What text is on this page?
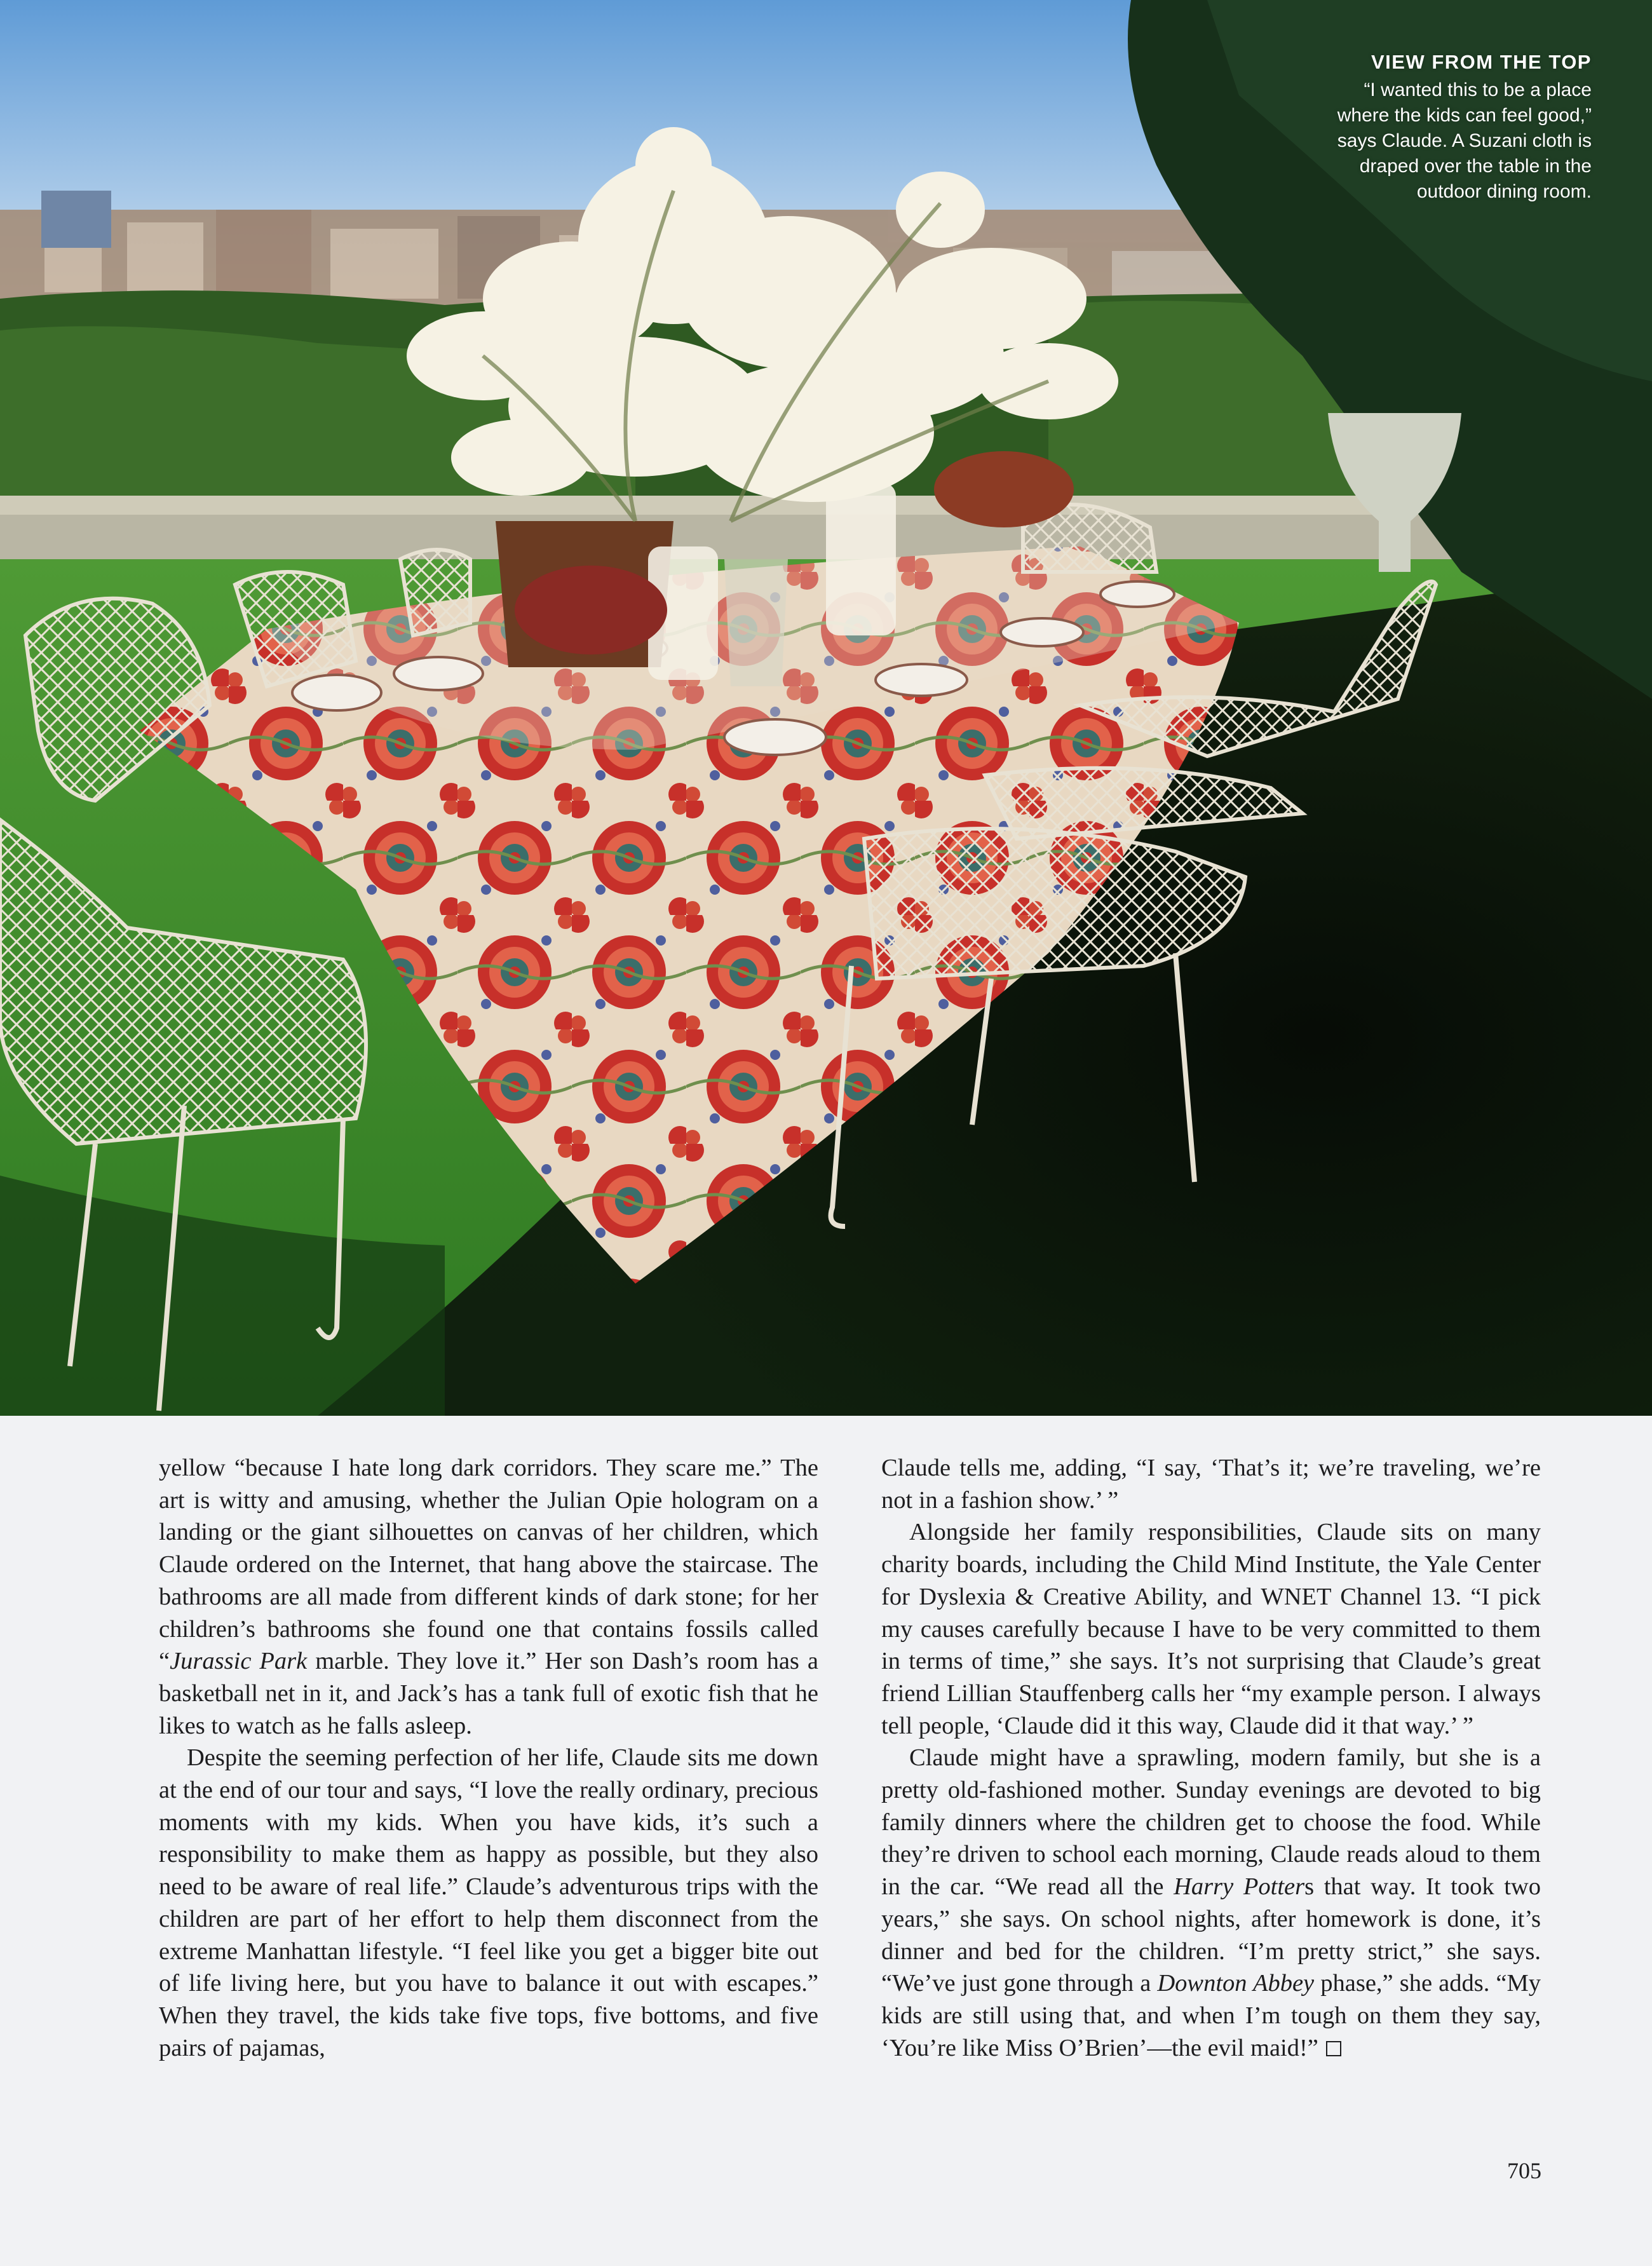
VIEW FROM THE TOP
“I wanted this to be a place where the kids can feel good,” says Claude. A Suzani cloth is draped over the table in the outdoor dining room.

yellow “because I hate long dark corridors. They scare me.” The art is witty and amusing, whether the Julian Opie hologram on a landing or the giant silhouettes on canvas of her children, which Claude ordered on the Internet, that hang above the staircase. The bathrooms are all made from different kinds of dark stone; for her children’s bathrooms she found one that contains fossils called “Jurassic Park marble. They love it.” Her son Dash’s room has a basketball net in it, and Jack’s has a tank full of exotic fish that he likes to watch as he falls asleep.

Despite the seeming perfection of her life, Claude sits me down at the end of our tour and says, “I love the really ordinary, precious moments with my kids. When you have kids, it’s such a responsibility to make them as happy as possible, but they also need to be aware of real life.” Claude’s adventurous trips with the children are part of her effort to help them disconnect from the extreme Manhattan lifestyle. “I feel like you get a bigger bite out of life living here, but you have to balance it out with escapes.” When they travel, the kids take five tops, five bottoms, and five pairs of pajamas,

Claude tells me, adding, “I say, ‘That’s it; we’re traveling, we’re not in a fashion show.’ ”

Alongside her family responsibilities, Claude sits on many charity boards, including the Child Mind Institute, the Yale Center for Dyslexia & Creative Ability, and WNET Channel 13. “I pick my causes carefully because I have to be very committed to them in terms of time,” she says. It’s not surprising that Claude’s great friend Lillian Stauffenberg calls her “my example person. I always tell people, ‘Claude did it this way, Claude did it that way.’ ”

Claude might have a sprawling, modern family, but she is a pretty old-fashioned mother. Sunday evenings are devoted to big family dinners where the children get to choose the food. While they’re driven to school each morning, Claude reads aloud to them in the car. “We read all the Harry Potters that way. It took two years,” she says. On school nights, after homework is done, it’s dinner and bed for the children. “I’m pretty strict,” she says. “We’ve just gone through a Downton Abbey phase,” she adds. “My kids are still using that, and when I’m tough on them they say, ‘You’re like Miss O’Brien’—the evil maid!”

705
